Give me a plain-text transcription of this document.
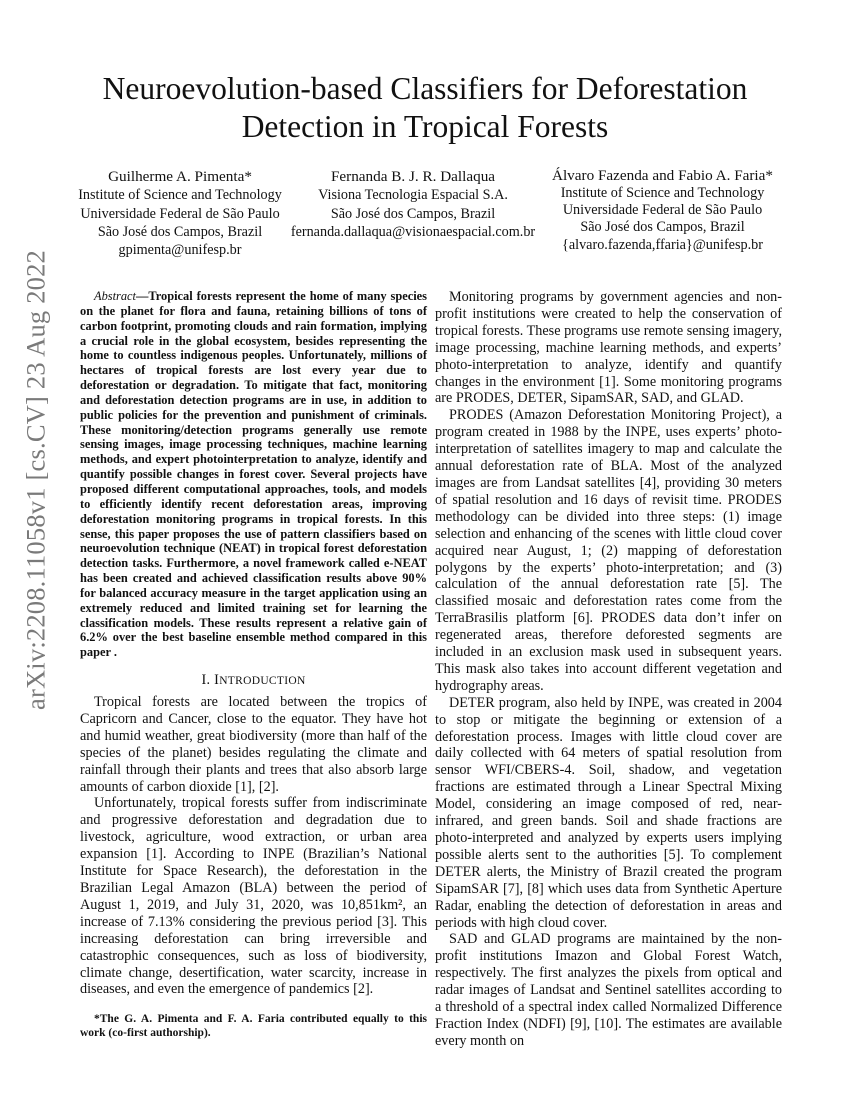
arXiv:2208.11058v1 [cs.CV] 23 Aug 2022
Neuroevolution-based Classifiers for Deforestation
Detection in Tropical Forests
Guilherme A. Pimenta*
Institute of Science and Technology
Universidade Federal de São Paulo
São José dos Campos, Brazil
gpimenta@unifesp.br
Fernanda B. J. R. Dallaqua
Visiona Tecnologia Espacial S.A.
São José dos Campos, Brazil
fernanda.dallaqua@visionaespacial.com.br
Álvaro Fazenda and Fabio A. Faria*
Institute of Science and Technology
Universidade Federal de São Paulo
São José dos Campos, Brazil
{alvaro.fazenda,ffaria}@unifesp.br

Abstract—Tropical forests represent the home of many species on the planet for flora and fauna, retaining billions of tons of carbon footprint, promoting clouds and rain formation, implying a crucial role in the global ecosystem, besides representing the home to countless indigenous peoples. Unfortunately, millions of hectares of tropical forests are lost every year due to deforestation or degradation. To mitigate that fact, monitoring and deforestation detection programs are in use, in addition to public policies for the prevention and punishment of criminals. These monitoring/detection programs generally use remote sensing images, image processing techniques, machine learning methods, and expert photointerpretation to analyze, identify and quantify possible changes in forest cover. Several projects have proposed different computational approaches, tools, and models to efficiently identify recent deforestation areas, improving deforestation monitoring programs in tropical forests. In this sense, this paper proposes the use of pattern classifiers based on neuroevolution technique (NEAT) in tropical forest deforestation detection tasks. Furthermore, a novel framework called e-NEAT has been created and achieved classification results above 90% for balanced accuracy measure in the target application using an extremely reduced and limited training set for learning the classification models. These results represent a relative gain of 6.2% over the best baseline ensemble method compared in this paper .

I. INTRODUCTION

Tropical forests are located between the tropics of Capricorn and Cancer, close to the equator. They have hot and humid weather, great biodiversity (more than half of the species of the planet) besides regulating the climate and rainfall through their plants and trees that also absorb large amounts of carbon dioxide [1], [2].

Unfortunately, tropical forests suffer from indiscriminate and progressive deforestation and degradation due to livestock, agriculture, wood extraction, or urban area expansion [1]. According to INPE (Brazilian’s National Institute for Space Research), the deforestation in the Brazilian Legal Amazon (BLA) between the period of August 1, 2019, and July 31, 2020, was 10,851km², an increase of 7.13% considering the previous period [3]. This increasing deforestation can bring irreversible and catastrophic consequences, such as loss of biodiversity, climate change, desertification, water scarcity, increase in diseases, and even the emergence of pandemics [2].

*The G. A. Pimenta and F. A. Faria contributed equally to this work (co-first authorship).

Monitoring programs by government agencies and non-profit institutions were created to help the conservation of tropical forests. These programs use remote sensing imagery, image processing, machine learning methods, and experts’ photo-interpretation to analyze, identify and quantify changes in the environment [1]. Some monitoring programs are PRODES, DETER, SipamSAR, SAD, and GLAD.

PRODES (Amazon Deforestation Monitoring Project), a program created in 1988 by the INPE, uses experts’ photo-interpretation of satellites imagery to map and calculate the annual deforestation rate of BLA. Most of the analyzed images are from Landsat satellites [4], providing 30 meters of spatial resolution and 16 days of revisit time. PRODES methodology can be divided into three steps: (1) image selection and enhancing of the scenes with little cloud cover acquired near August, 1; (2) mapping of deforestation polygons by the experts’ photo-interpretation; and (3) calculation of the annual deforestation rate [5]. The classified mosaic and deforestation rates come from the TerraBrasilis platform [6]. PRODES data don’t infer on regenerated areas, therefore deforested segments are included in an exclusion mask used in subsequent years. This mask also takes into account different vegetation and hydrography areas.

DETER program, also held by INPE, was created in 2004 to stop or mitigate the beginning or extension of a deforestation process. Images with little cloud cover are daily collected with 64 meters of spatial resolution from sensor WFI/CBERS-4. Soil, shadow, and vegetation fractions are estimated through a Linear Spectral Mixing Model, considering an image composed of red, near-infrared, and green bands. Soil and shade fractions are photo-interpreted and analyzed by experts users implying possible alerts sent to the authorities [5]. To complement DETER alerts, the Ministry of Brazil created the program SipamSAR [7], [8] which uses data from Synthetic Aperture Radar, enabling the detection of deforestation in areas and periods with high cloud cover.

SAD and GLAD programs are maintained by the non-profit institutions Imazon and Global Forest Watch, respectively. The first analyzes the pixels from optical and radar images of Landsat and Sentinel satellites according to a threshold of a spectral index called Normalized Difference Fraction Index (NDFI) [9], [10]. The estimates are available every month on
